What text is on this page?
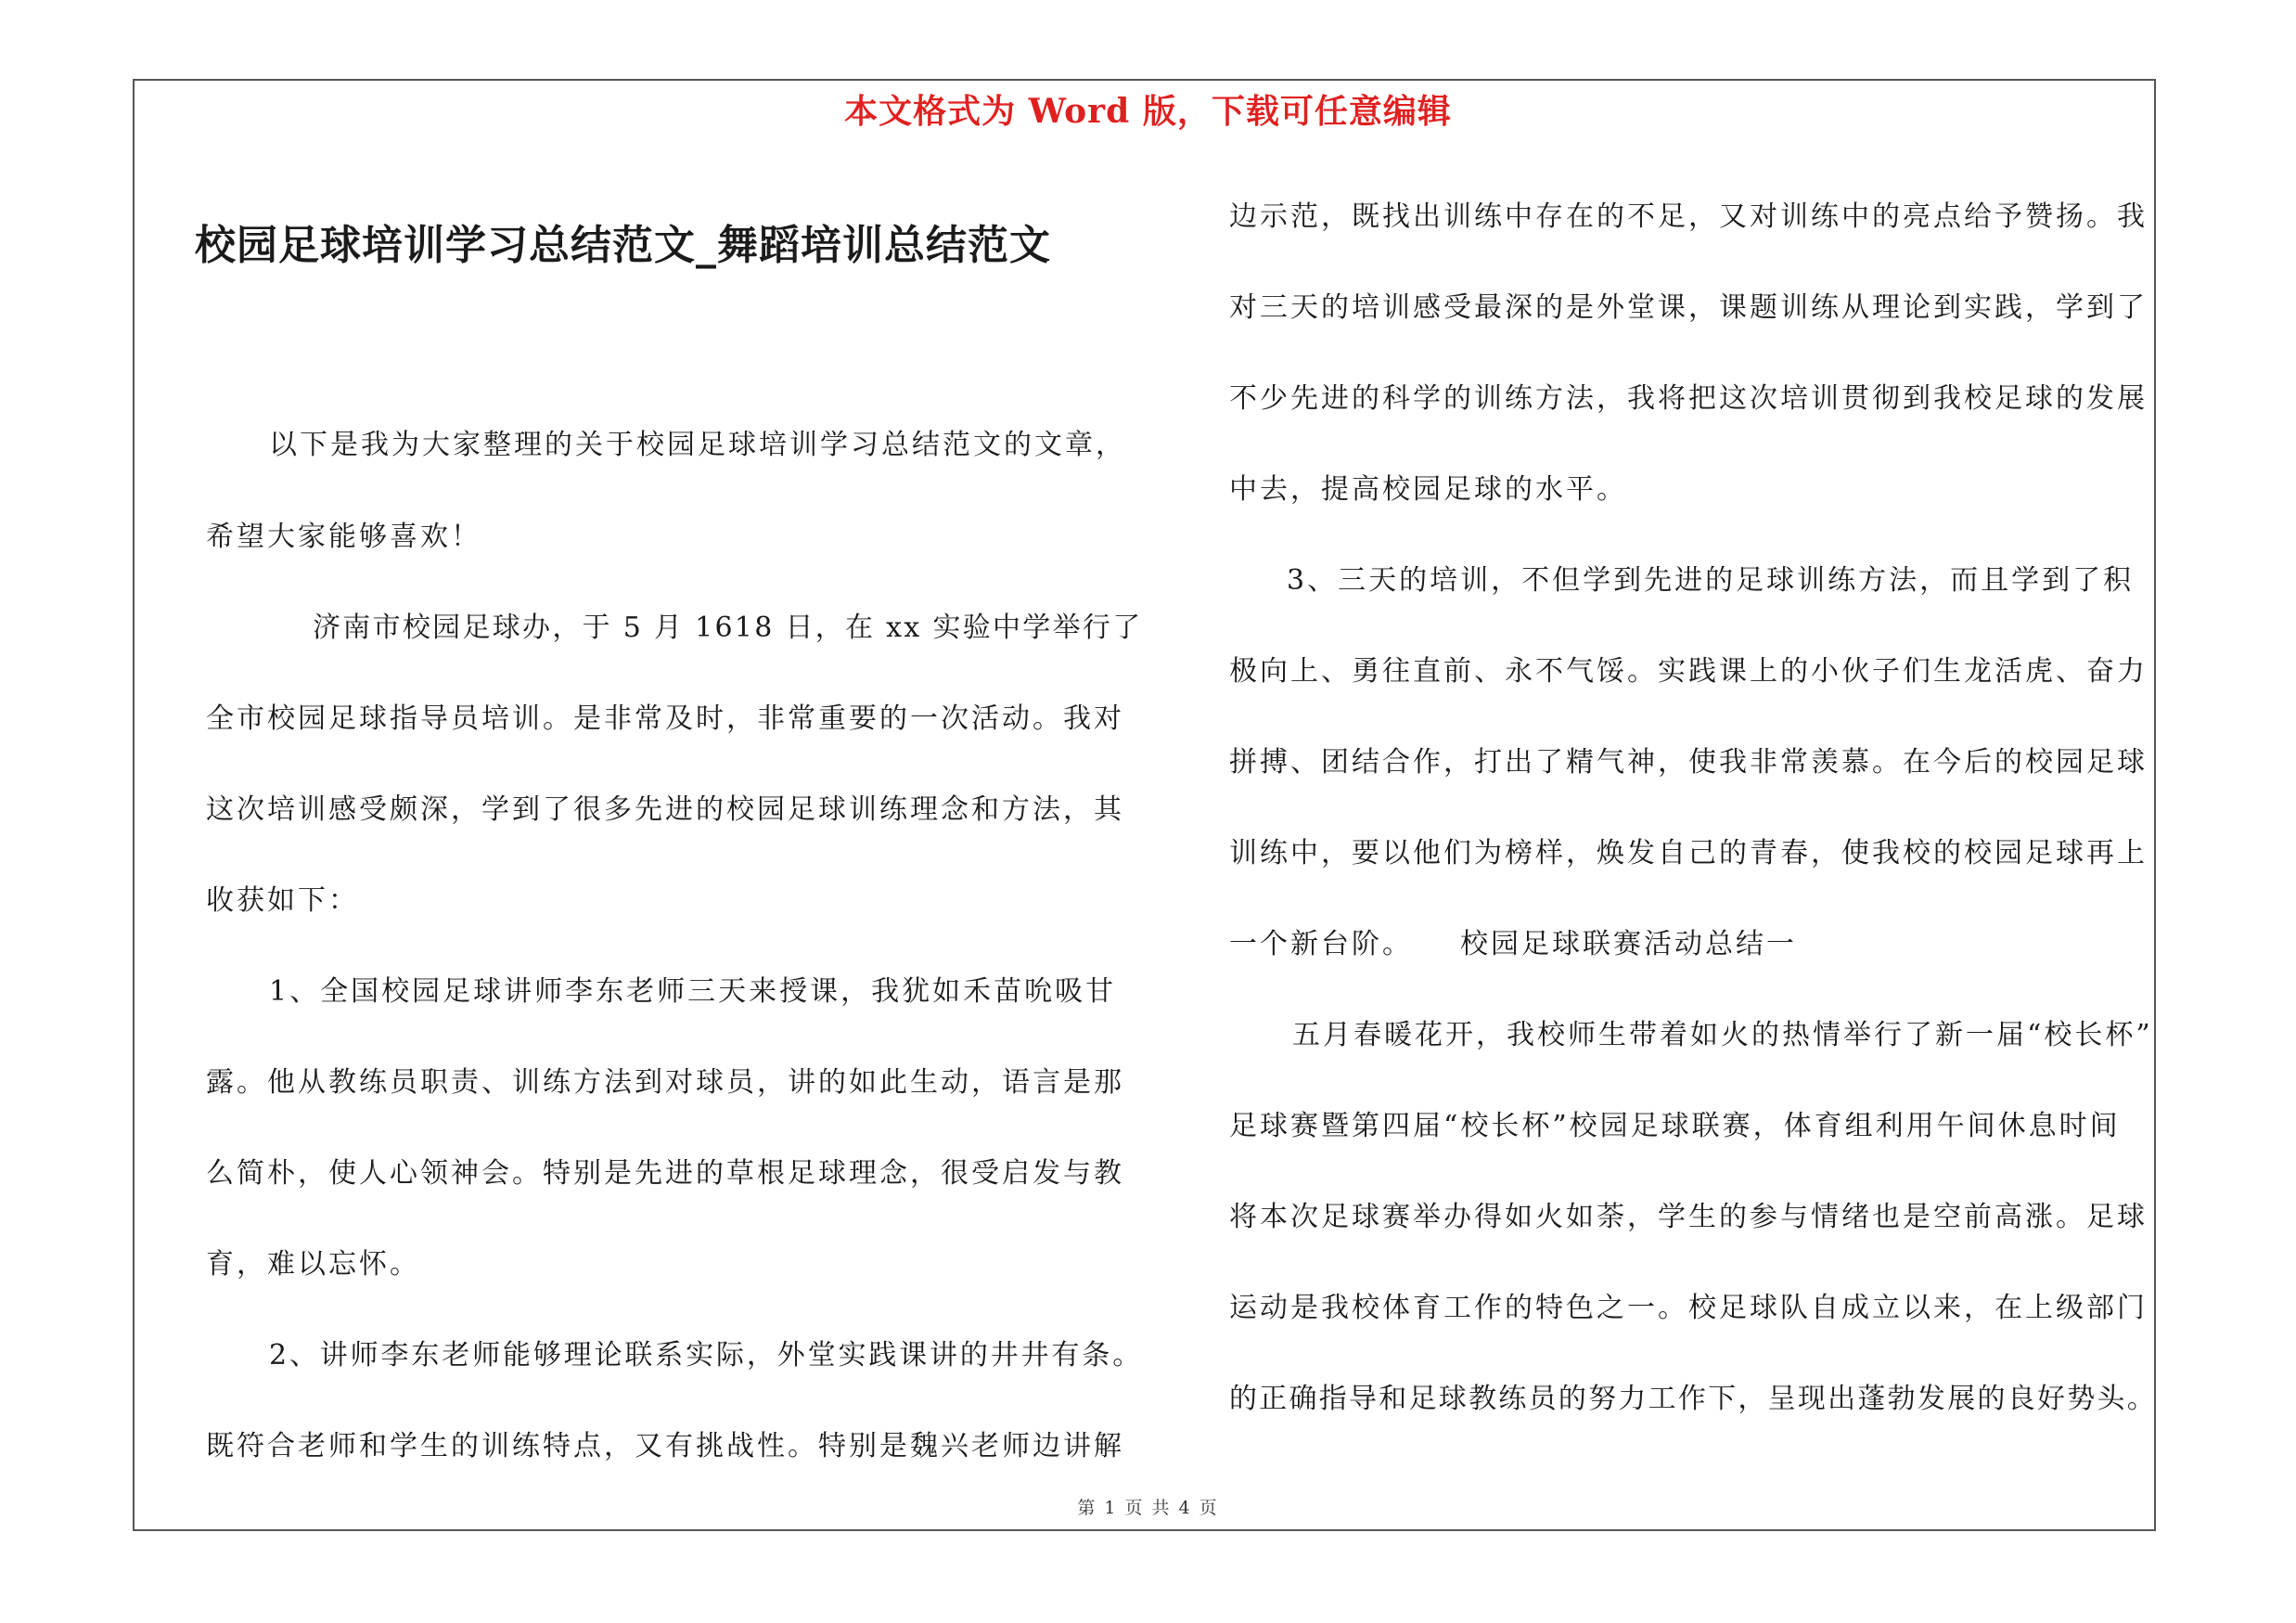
本文格式为 Word 版，下载可任意编辑
校园足球培训学习总结范文_舞蹈培训总结范文
以下是我为大家整理的关于校园足球培训学习总结范文的文章，
希望大家能够喜欢！
济南市校园足球办，于 5 月 1618 日，在 xx 实验中学举行了
全市校园足球指导员培训。是非常及时，非常重要的一次活动。我对
这次培训感受颇深，学到了很多先进的校园足球训练理念和方法，其
收获如下：
1、全国校园足球讲师李东老师三天来授课，我犹如禾苗吮吸甘
露。他从教练员职责、训练方法到对球员，讲的如此生动，语言是那
么简朴，使人心领神会。特别是先进的草根足球理念，很受启发与教
育，难以忘怀。
2、讲师李东老师能够理论联系实际，外堂实践课讲的井井有条。
既符合老师和学生的训练特点，又有挑战性。特别是魏兴老师边讲解
边示范，既找出训练中存在的不足，又对训练中的亮点给予赞扬。我
对三天的培训感受最深的是外堂课，课题训练从理论到实践，学到了
不少先进的科学的训练方法，我将把这次培训贯彻到我校足球的发展
中去，提高校园足球的水平。
3、三天的培训，不但学到先进的足球训练方法，而且学到了积
极向上、勇往直前、永不气馁。实践课上的小伙子们生龙活虎、奋力
拼搏、团结合作，打出了精气神，使我非常羡慕。在今后的校园足球
训练中，要以他们为榜样，焕发自己的青春，使我校的校园足球再上
一个新台阶。　　校园足球联赛活动总结一
五月春暖花开，我校师生带着如火的热情举行了新一届“校长杯”
足球赛暨第四届“校长杯”校园足球联赛，体育组利用午间休息时间
将本次足球赛举办得如火如荼，学生的参与情绪也是空前高涨。足球
运动是我校体育工作的特色之一。校足球队自成立以来，在上级部门
的正确指导和足球教练员的努力工作下，呈现出蓬勃发展的良好势头。
第 1 页 共 4 页
